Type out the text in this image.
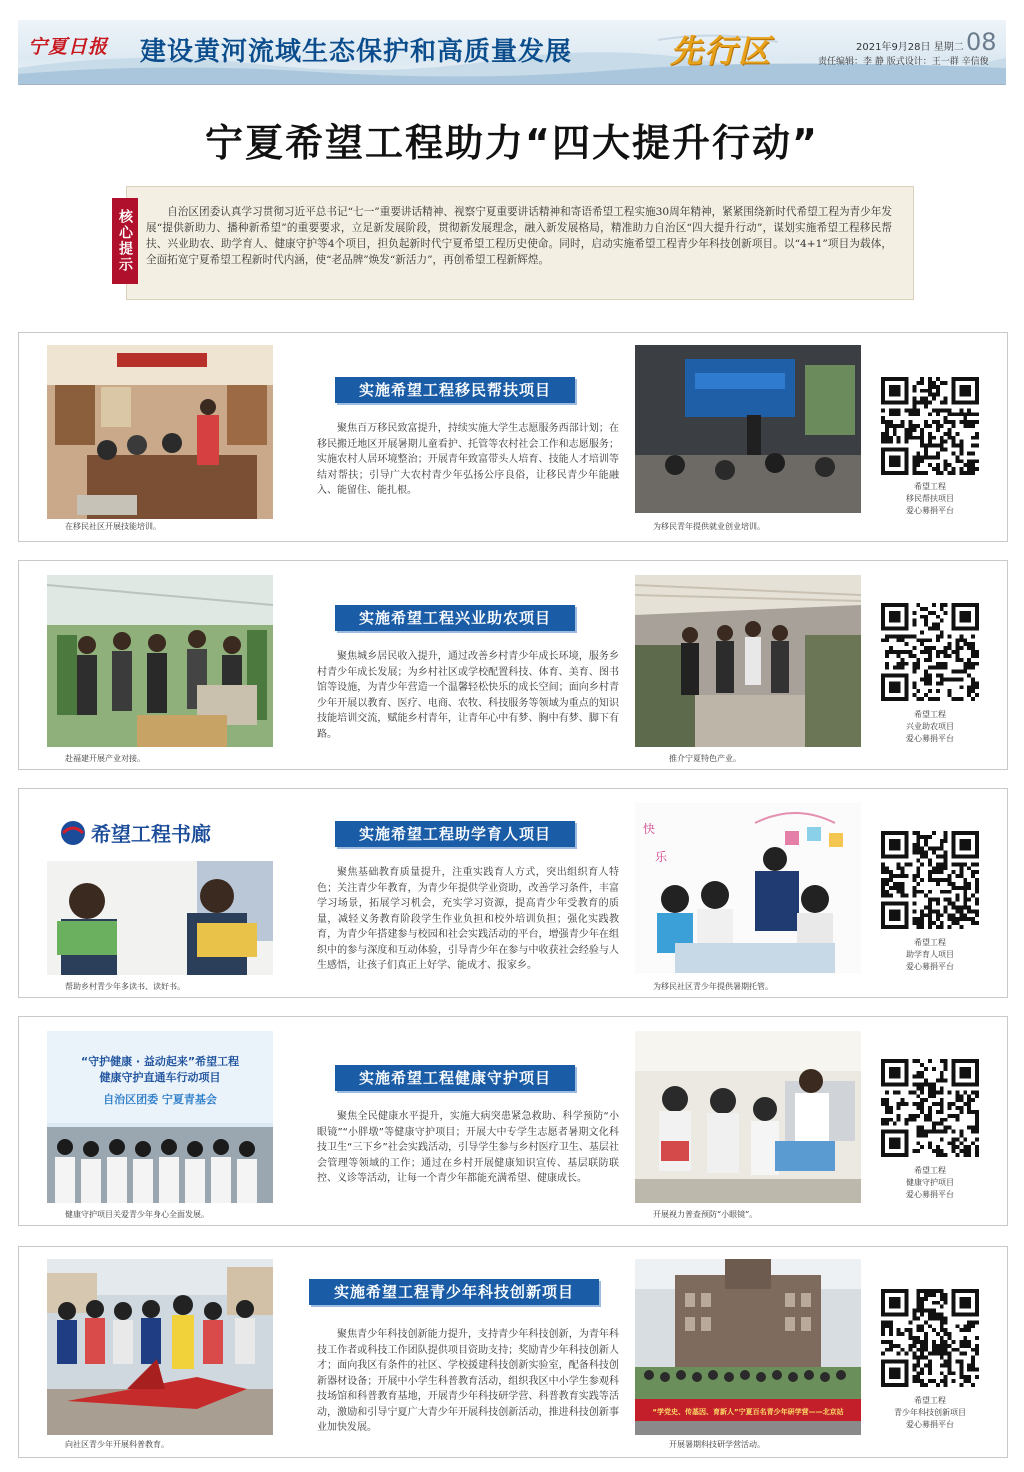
宁夏日报 建设黄河流域生态保护和高质量发展	先行区	2021年9月28日 星期二 08
责任编辑：李 静 版式设计：王一群 辛信俊
宁夏希望工程助力“四大提升行动”
核心提示	自治区团委认真学习贯彻习近平总书记“七一”重要讲话精神、视察宁夏重要讲话精神和寄语希望工程实施30周年精神，紧紧围绕新时代希望工程为青少年发展“提供新助力、播种新希望”的重要要求，立足新发展阶段，贯彻新发展理念，融入新发展格局，精准助力自治区“四大提升行动”，谋划实施希望工程移民帮扶、兴业助农、助学育人、健康守护等4个项目，担负起新时代宁夏希望工程历史使命。同时，启动实施希望工程青少年科技创新项目。以“4+1”项目为载体，全面拓宽宁夏希望工程新时代内涵，使“老品牌”焕发“新活力”，再创希望工程新辉煌。
在移民社区开展技能培训。
实施希望工程移民帮扶项目
聚焦百万移民致富提升，持续实施大学生志愿服务西部计划；在移民搬迁地区开展暑期儿童看护、托管等农村社会工作和志愿服务；实施农村人居环境整治；开展青年致富带头人培育、技能人才培训等结对帮扶；引导广大农村青少年弘扬公序良俗，让移民青少年能融入、能留住、能扎根。
为移民青年提供就业创业培训。
希望工程
移民帮扶项目
爱心募捐平台
赴福建开展产业对接。
实施希望工程兴业助农项目
聚焦城乡居民收入提升，通过改善乡村青少年成长环境，服务乡村青少年成长发展；为乡村社区或学校配置科技、体育、美育、图书馆等设施，为青少年营造一个温馨轻松快乐的成长空间；面向乡村青少年开展以教育、医疗、电商、农牧、科技服务等领域为重点的知识技能培训交流，赋能乡村青年，让青年心中有梦、胸中有梦、脚下有路。
推介宁夏特色产业。
希望工程
兴业助农项目
爱心募捐平台
希望工程书廊
帮助乡村青少年多读书、读好书。
实施希望工程助学育人项目
聚焦基础教育质量提升，注重实践育人方式，突出组织育人特色；关注青少年教育，为青少年提供学业资助，改善学习条件，丰富学习场景，拓展学习机会，充实学习资源，提高青少年受教育的质量，减轻义务教育阶段学生作业负担和校外培训负担；强化实践教育，为青少年搭建参与校园和社会实践活动的平台，增强青少年在组织中的参与深度和互动体验，引导青少年在参与中收获社会经验与人生感悟，让孩子们真正上好学、能成才、报家乡。
快
乐
为移民社区青少年提供暑期托管。
希望工程
助学育人项目
爱心募捐平台
“守护健康 · 益动起来”希望工程
健康守护直通车行动项目
自治区团委 宁夏青基会
健康守护项目关爱青少年身心全面发展。
实施希望工程健康守护项目
聚焦全民健康水平提升，实施大病突患紧急救助、科学预防“小眼镜”“小胖墩”等健康守护项目；开展大中专学生志愿者暑期文化科技卫生“三下乡”社会实践活动，引导学生参与乡村医疗卫生、基层社会管理等领域的工作；通过在乡村开展健康知识宣传、基层联防联控、义诊等活动，让每一个青少年都能充满希望、健康成长。
开展视力普查预防“小眼镜”。
希望工程
健康守护项目
爱心募捐平台
向社区青少年开展科普教育。
实施希望工程青少年科技创新项目
聚焦青少年科技创新能力提升，支持青少年科技创新，为青年科技工作者或科技工作团队提供项目资助支持；奖励青少年科技创新人才；面向我区有条件的社区、学校援建科技创新实验室，配备科技创新器材设备；开展中小学生科普教育活动，组织我区中小学生参观科技场馆和科普教育基地，开展青少年科技研学营、科普教育实践等活动，激励和引导宁夏广大青少年开展科技创新活动，推进科技创新事业加快发展。
“学党史、传基因、育新人”宁夏百名青少年研学营——北京站
开展暑期科技研学营活动。
希望工程
青少年科技创新项目
爱心募捐平台
